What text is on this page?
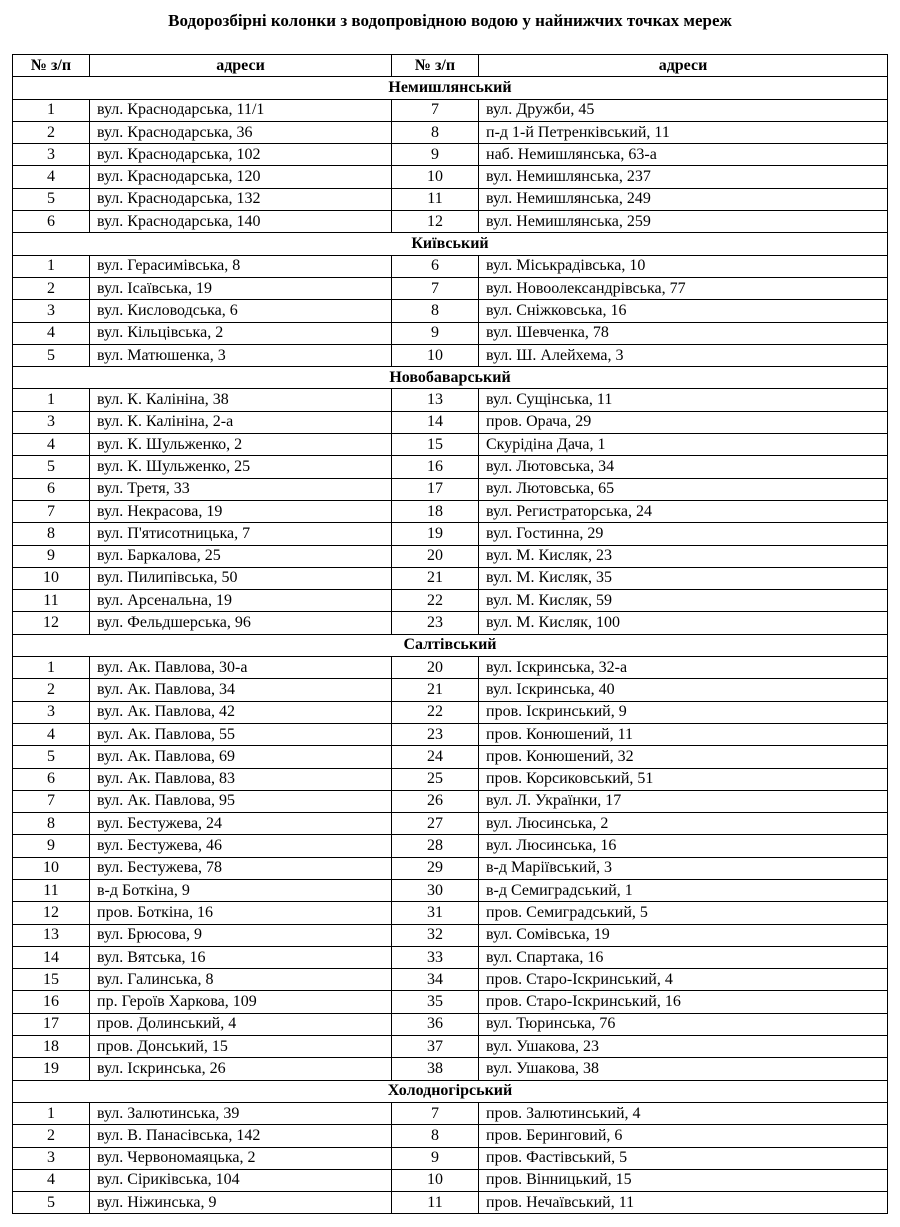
Водорозбірні колонки з водопровідною водою у найнижчих точках мереж
№ з/п	адреси	№ з/п	адреси
Немишлянський			
1	вул. Краснодарська, 11/1	7	вул. Дружби, 45
2	вул. Краснодарська, 36	8	п-д 1-й Петренківський, 11
3	вул. Краснодарська, 102	9	наб. Немишлянська, 63-а
4	вул. Краснодарська, 120	10	вул. Немишлянська, 237
5	вул. Краснодарська, 132	11	вул. Немишлянська, 249
6	вул. Краснодарська, 140	12	вул. Немишлянська, 259
Київський			
1	вул. Герасимівська, 8	6	вул. Міськрадівська, 10
2	вул. Ісаївська, 19	7	вул. Новоолександрівська, 77
3	вул. Кисловодська, 6	8	вул. Сніжковська, 16
4	вул. Кільцівська, 2	9	вул. Шевченка, 78
5	вул. Матюшенка, 3	10	вул. Ш. Алейхема, 3
Новобаварський			
1	вул. К. Калініна, 38	13	вул. Сущінська, 11
3	вул. К. Калініна, 2-а	14	пров. Орача, 29
4	вул. К. Шульженко, 2	15	Скурідіна Дача, 1
5	вул. К. Шульженко, 25	16	вул. Лютовська, 34
6	вул. Третя, 33	17	вул. Лютовська, 65
7	вул. Некрасова, 19	18	вул. Регистраторська, 24
8	вул. П'ятисотницька, 7	19	вул. Гостинна, 29
9	вул. Баркалова, 25	20	вул. М. Кисляк, 23
10	вул. Пилипівська, 50	21	вул. М. Кисляк, 35
11	вул. Арсенальна, 19	22	вул. М. Кисляк, 59
12	вул. Фельдшерська, 96	23	вул. М. Кисляк, 100
Салтівський			
1	вул. Ак. Павлова, 30-а	20	вул. Іскринська, 32-а
2	вул. Ак. Павлова, 34	21	вул. Іскринська, 40
3	вул. Ак. Павлова, 42	22	пров. Іскринський, 9
4	вул. Ак. Павлова, 55	23	пров. Конюшений, 11
5	вул. Ак. Павлова, 69	24	пров. Конюшений, 32
6	вул. Ак. Павлова, 83	25	пров. Корсиковський, 51
7	вул. Ак. Павлова, 95	26	вул. Л. Українки, 17
8	вул. Бестужева, 24	27	вул. Люсинська, 2
9	вул. Бестужева, 46	28	вул. Люсинська, 16
10	вул. Бестужева, 78	29	в-д Маріївський, 3
11	в-д Боткіна, 9	30	в-д Семиградський, 1
12	пров. Боткіна, 16	31	пров. Семиградський, 5
13	вул. Брюсова, 9	32	вул. Сомівська, 19
14	вул. Вятська, 16	33	вул. Спартака, 16
15	вул. Галинська, 8	34	пров. Старо-Іскринський, 4
16	пр. Героїв Харкова, 109	35	пров. Старо-Іскринський, 16
17	пров. Долинський, 4	36	вул. Тюринська, 76
18	пров. Донський, 15	37	вул. Ушакова, 23
19	вул. Іскринська, 26	38	вул. Ушакова, 38
Холодногірський			
1	вул. Залютинська, 39	7	пров. Залютинський, 4
2	вул. В. Панасівська, 142	8	пров. Беринговий, 6
3	вул. Червономаяцька, 2	9	пров. Фастівський, 5
4	вул. Сіриківська, 104	10	пров. Вінницький, 15
5	вул. Ніжинська, 9	11	пров. Нечаївський, 11
